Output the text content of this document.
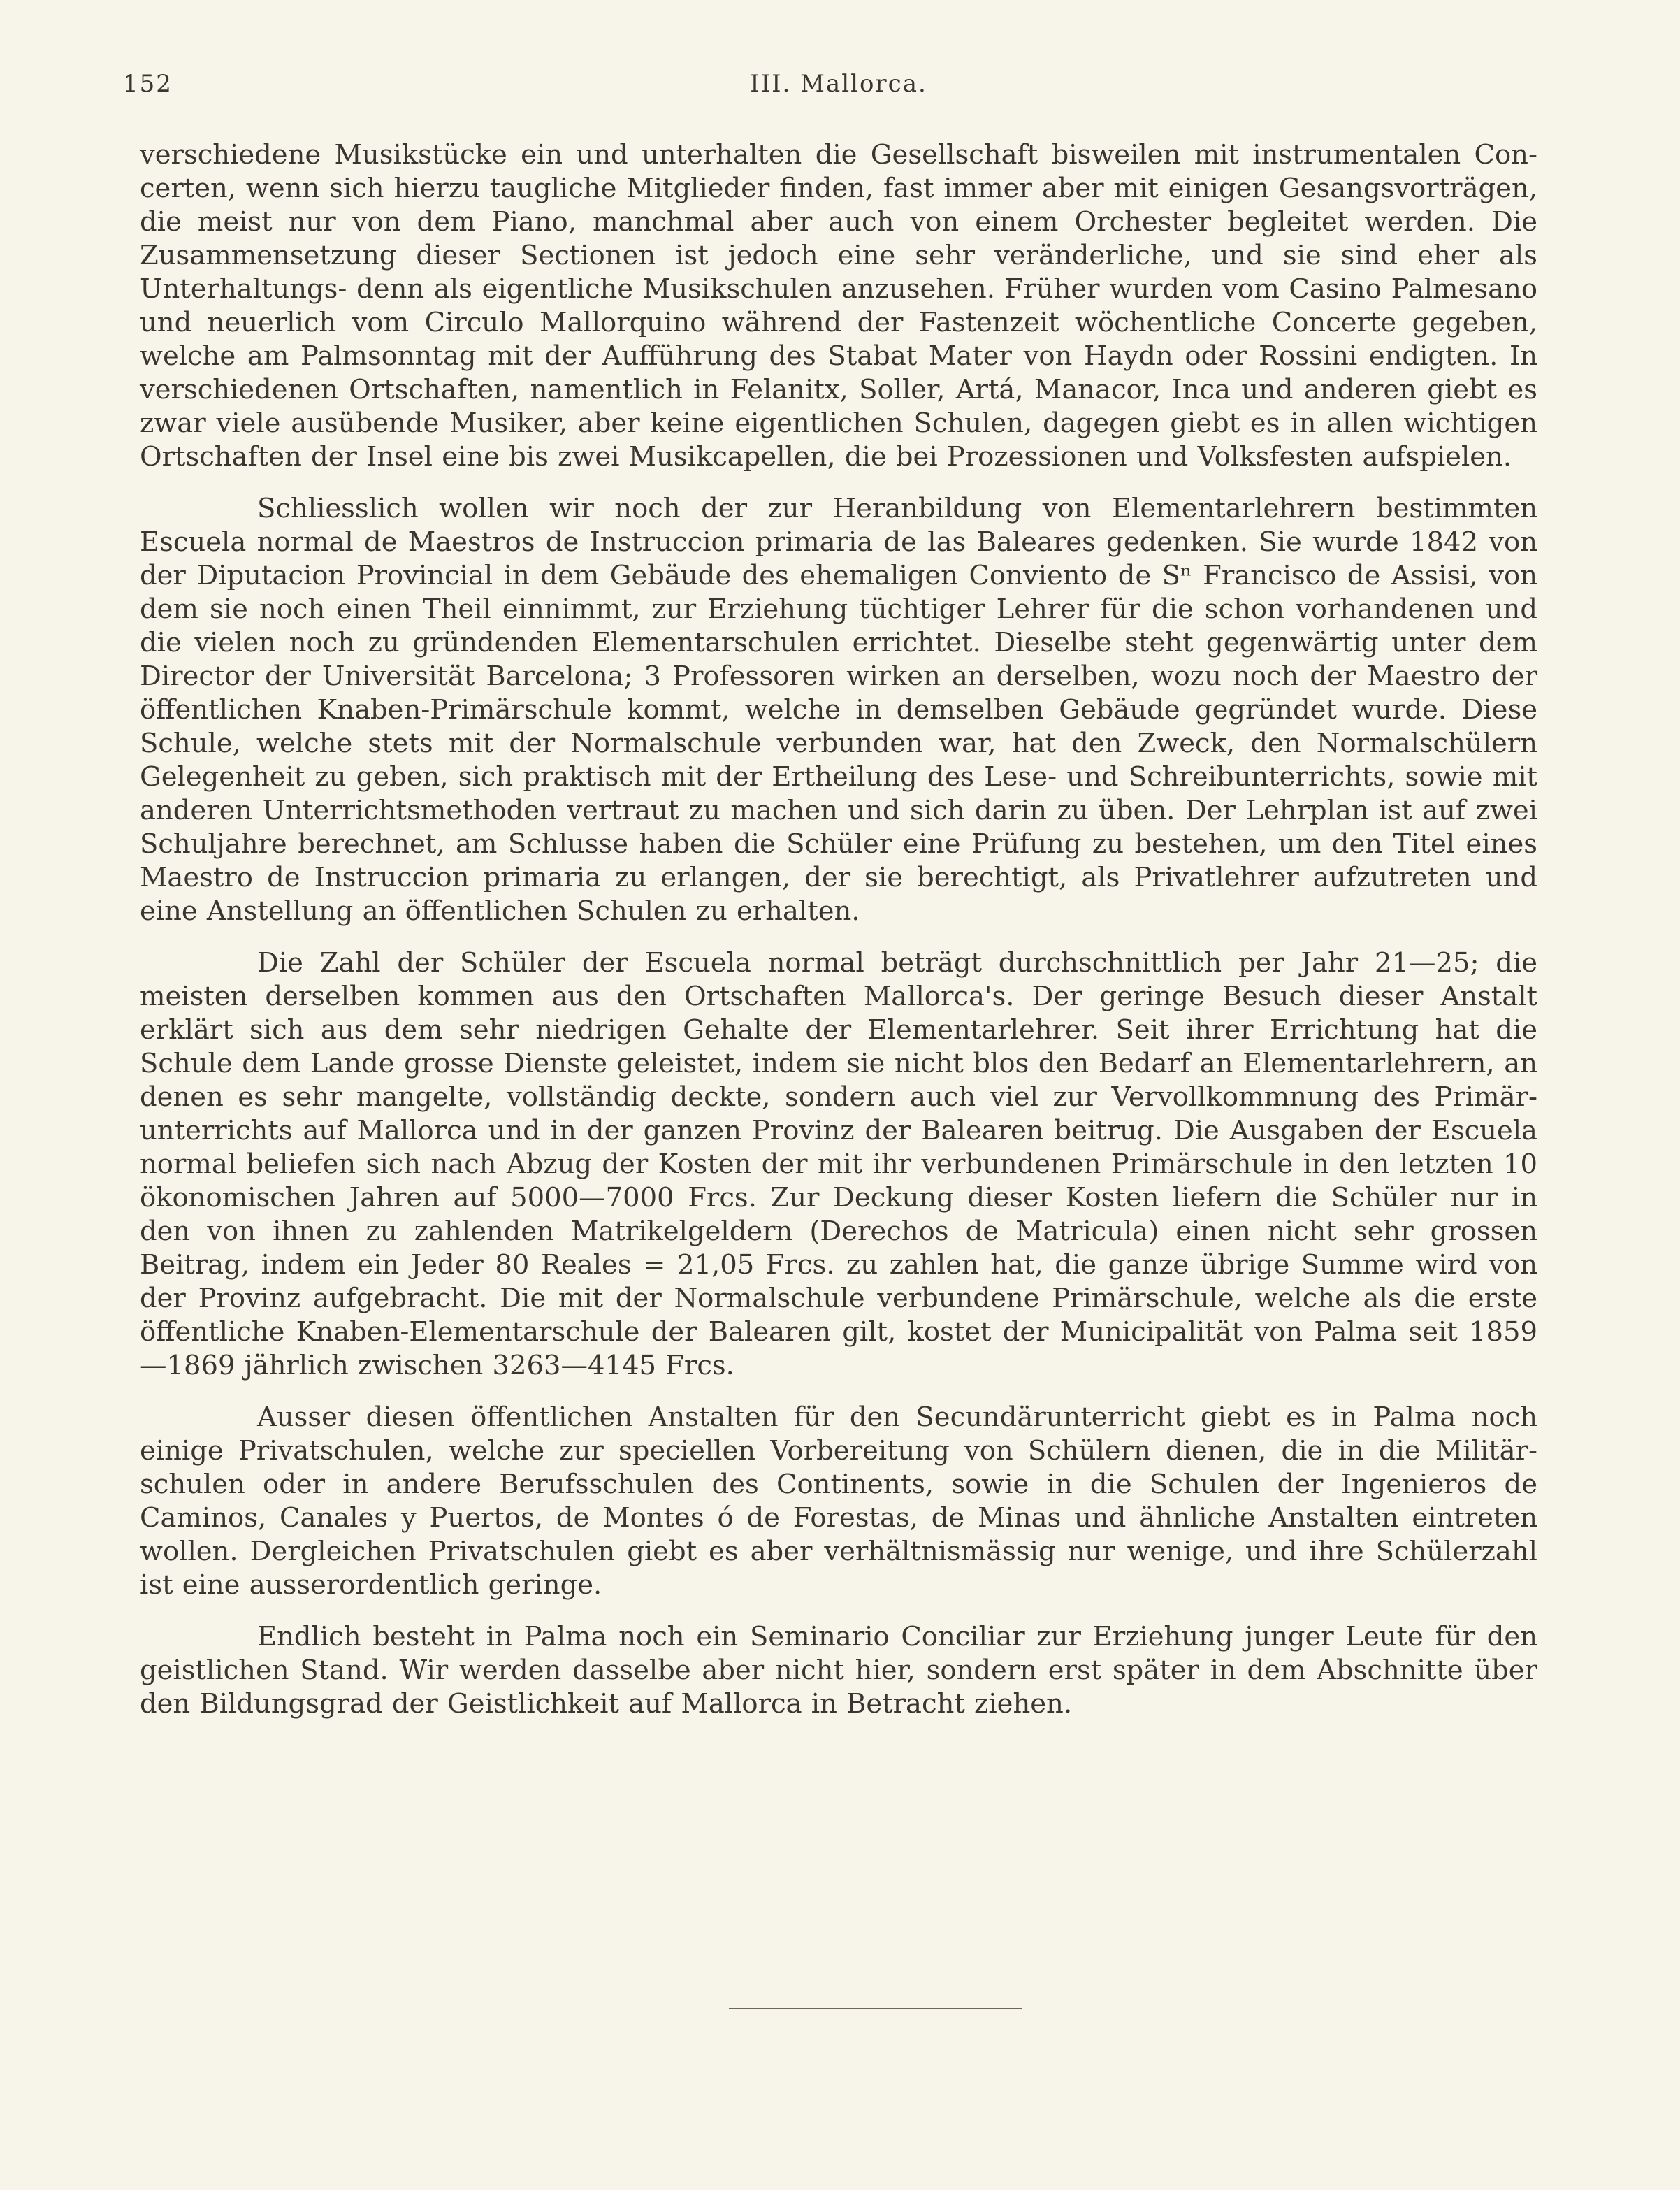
152	III. Mallorca.

verschiedene Musikstücke ein und unterhalten die Gesellschaft bisweilen mit instrumentalen Concerten, wenn sich hierzu taugliche Mitglieder finden, fast immer aber mit einigen Gesangsvorträgen, die meist nur von dem Piano, manchmal aber auch von einem Orchester begleitet werden. Die Zusammensetzung dieser Sectionen ist jedoch eine sehr veränderliche, und sie sind eher als Unterhaltungs- denn als eigentliche Musikschulen anzusehen. Früher wurden vom Casino Palmesano und neuerlich vom Circulo Mallorquino während der Fastenzeit wöchentliche Concerte gegeben, welche am Palmsonntag mit der Aufführung des Stabat Mater von Haydn oder Rossini endigten. In verschiedenen Ortschaften, namentlich in Felanitx, Soller, Artá, Manacor, Inca und anderen giebt es zwar viele ausübende Musiker, aber keine eigentlichen Schulen, dagegen giebt es in allen wichtigen Ortschaften der Insel eine bis zwei Musikcapellen, die bei Prozessionen und Volksfesten aufspielen.

Schliesslich wollen wir noch der zur Heranbildung von Elementarlehrern bestimmten Escuela normal de Maestros de Instruccion primaria de las Baleares gedenken. Sie wurde 1842 von der Diputacion Provincial in dem Gebäude des ehemaligen Conviento de Sⁿ Francisco de Assisi, von dem sie noch einen Theil einnimmt, zur Erziehung tüchtiger Lehrer für die schon vorhandenen und die vielen noch zu gründenden Elementarschulen errichtet. Dieselbe steht gegenwärtig unter dem Director der Universität Barcelona; 3 Professoren wirken an derselben, wozu noch der Maestro der öffentlichen Knaben-Primärschule kommt, welche in demselben Gebäude gegründet wurde. Diese Schule, welche stets mit der Normalschule verbunden war, hat den Zweck, den Normalschülern Gelegenheit zu geben, sich praktisch mit der Ertheilung des Lese- und Schreibunterrichts, sowie mit anderen Unterrichtsmethoden vertraut zu machen und sich darin zu üben. Der Lehrplan ist auf zwei Schuljahre berechnet, am Schlusse haben die Schüler eine Prüfung zu bestehen, um den Titel eines Maestro de Instruccion primaria zu erlangen, der sie berechtigt, als Privatlehrer aufzutreten und eine Anstellung an öffentlichen Schulen zu erhalten.

Die Zahl der Schüler der Escuela normal beträgt durchschnittlich per Jahr 21—25; die meisten derselben kommen aus den Ortschaften Mallorca's. Der geringe Besuch dieser Anstalt erklärt sich aus dem sehr niedrigen Gehalte der Elementarlehrer. Seit ihrer Errichtung hat die Schule dem Lande grosse Dienste geleistet, indem sie nicht blos den Bedarf an Elementarlehrern, an denen es sehr mangelte, vollständig deckte, sondern auch viel zur Vervollkommnung des Primärunterrichts auf Mallorca und in der ganzen Provinz der Balearen beitrug. Die Ausgaben der Escuela normal beliefen sich nach Abzug der Kosten der mit ihr verbundenen Primärschule in den letzten 10 ökonomischen Jahren auf 5000—7000 Frcs. Zur Deckung dieser Kosten liefern die Schüler nur in den von ihnen zu zahlenden Matrikelgeldern (Derechos de Matricula) einen nicht sehr grossen Beitrag, indem ein Jeder 80 Reales = 21,05 Frcs. zu zahlen hat, die ganze übrige Summe wird von der Provinz aufgebracht. Die mit der Normalschule verbundene Primärschule, welche als die erste öffentliche Knaben-Elementarschule der Balearen gilt, kostet der Municipalität von Palma seit 1859—1869 jährlich zwischen 3263—4145 Frcs.

Ausser diesen öffentlichen Anstalten für den Secundärunterricht giebt es in Palma noch einige Privatschulen, welche zur speciellen Vorbereitung von Schülern dienen, die in die Militärschulen oder in andere Berufsschulen des Continents, sowie in die Schulen der Ingenieros de Caminos, Canales y Puertos, de Montes ó de Forestas, de Minas und ähnliche Anstalten eintreten wollen. Dergleichen Privatschulen giebt es aber verhältnismässig nur wenige, und ihre Schülerzahl ist eine ausserordentlich geringe.

Endlich besteht in Palma noch ein Seminario Conciliar zur Erziehung junger Leute für den geistlichen Stand. Wir werden dasselbe aber nicht hier, sondern erst später in dem Abschnitte über den Bildungsgrad der Geistlichkeit auf Mallorca in Betracht ziehen.
